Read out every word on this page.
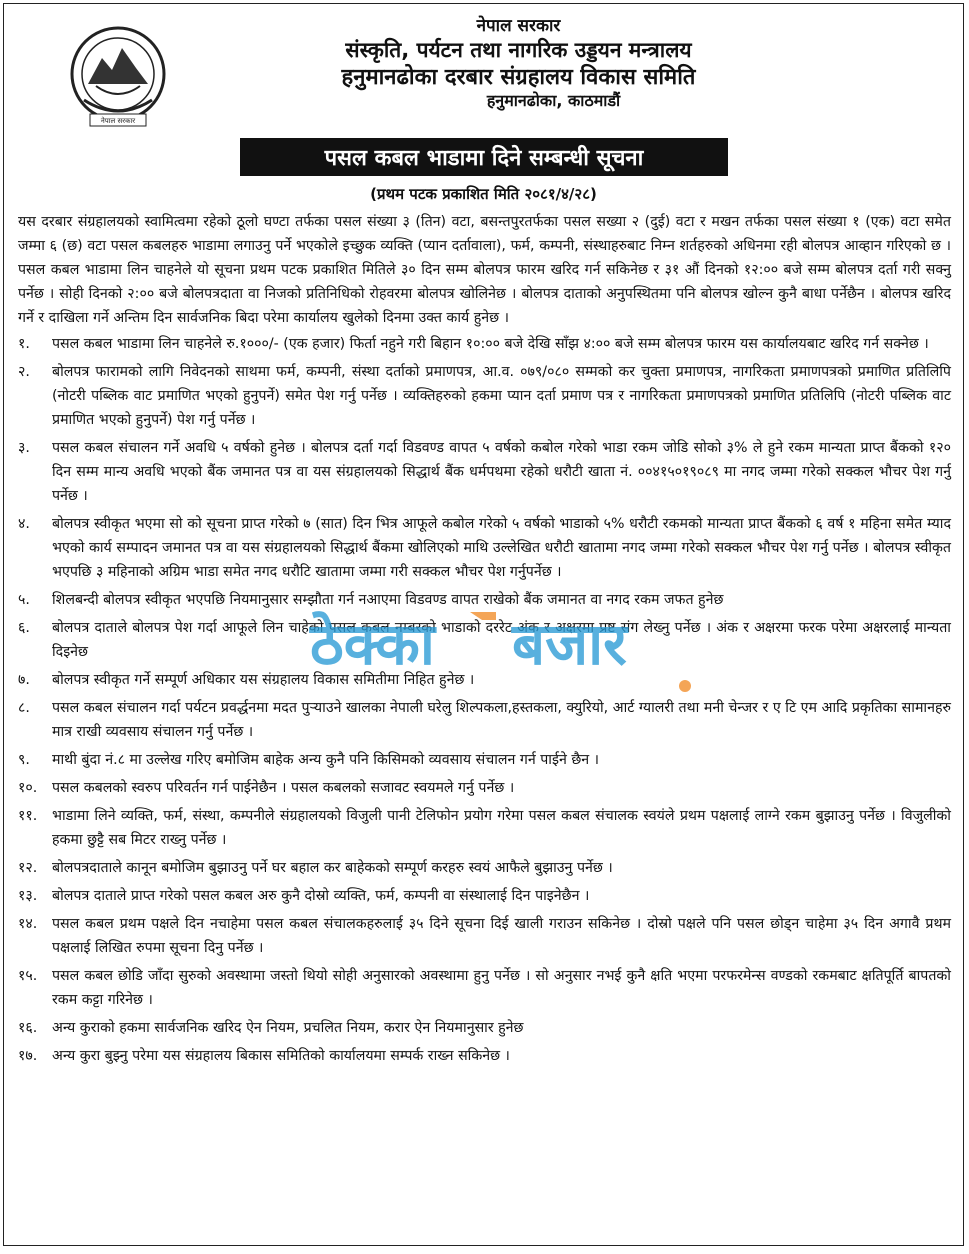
नेपाल सरकार
नेपाल सरकार
संस्कृति, पर्यटन तथा नागरिक उड्डयन मन्त्रालय
हनुमानढोका दरबार संग्रहालय विकास समिति
हनुमानढोका, काठमाडौं
पसल कबल भाडामा दिने सम्बन्धी सूचना
(प्रथम पटक प्रकाशित मिति २०८१/४/२८)

यस दरबार संग्रहालयको स्वामित्वमा रहेको ठूलो घण्टा तर्फका पसल संख्या ३ (तिन) वटा, बसन्तपुरतर्फका पसल सख्या २ (दुई) वटा र मखन तर्फका पसल संख्या १ (एक) वटा समेत जम्मा ६ (छ) वटा पसल कबलहरु भाडामा लगाउनु पर्ने भएकोले इच्छुक व्यक्ति (प्यान दर्तावाला), फर्म, कम्पनी, संस्थाहरुबाट निम्न शर्तहरुको अधिनमा रही बोलपत्र आव्हान गरिएको छ । पसल कबल भाडामा लिन चाहनेले यो सूचना प्रथम पटक प्रकाशित मितिले ३० दिन सम्म बोलपत्र फारम खरिद गर्न सकिनेछ र ३१ औं दिनको १२:०० बजे सम्म बोलपत्र दर्ता गरी सक्नु पर्नेछ । सोही दिनको २:०० बजे बोलपत्रदाता वा निजको प्रतिनिधिको रोहवरमा बोलपत्र खोलिनेछ । बोलपत्र दाताको अनुपस्थितमा पनि बोलपत्र खोल्न कुनै बाधा पर्नेछैन । बोलपत्र खरिद गर्ने र दाखिला गर्ने अन्तिम दिन सार्वजनिक बिदा परेमा कार्यालय खुलेको दिनमा उक्त कार्य हुनेछ ।

१.	पसल कबल भाडामा लिन चाहनेले रु.१०००/- (एक हजार) फिर्ता नहुने गरी बिहान १०:०० बजे देखि साँझ ४:०० बजे सम्म बोलपत्र फारम यस कार्यालयबाट खरिद गर्न सक्नेछ ।
२.	बोलपत्र फारामको लागि निवेदनको साथमा फर्म, कम्पनी, संस्था दर्ताको प्रमाणपत्र, आ.व. ०७९/०८० सम्मको कर चुक्ता प्रमाणपत्र, नागरिकता प्रमाणपत्रको प्रमाणित प्रतिलिपि (नोटरी पब्लिक वाट प्रमाणित भएको हुनुपर्ने) समेत पेश गर्नु पर्नेछ । व्यक्तिहरुको हकमा प्यान दर्ता प्रमाण पत्र र नागरिकता प्रमाणपत्रको प्रमाणित प्रतिलिपि (नोटरी पब्लिक वाट प्रमाणित भएको हुनुपर्ने) पेश गर्नु पर्नेछ ।
३.	पसल कबल संचालन गर्ने अवधि ५ वर्षको हुनेछ । बोलपत्र दर्ता गर्दा विडवण्ड वापत ५ वर्षको कबोल गरेको भाडा रकम जोडि सोको ३% ले हुने रकम मान्यता प्राप्त बैंकको १२० दिन सम्म मान्य अवधि भएको बैंक जमानत पत्र वा यस संग्रहालयको सिद्धार्थ बैंक धर्मपथमा रहेको धरौटी खाता नं. ००४१५०१९०८९ मा नगद जम्मा गरेको सक्कल भौचर पेश गर्नु पर्नेछ ।
४.	बोलपत्र स्वीकृत भएमा सो को सूचना प्राप्त गरेको ७ (सात) दिन भित्र आफूले कबोल गरेको ५ वर्षको भाडाको ५% धरौटी रकमको मान्यता प्राप्त बैंकको ६ वर्ष १ महिना समेत म्याद भएको कार्य सम्पादन जमानत पत्र वा यस संग्रहालयको सिद्धार्थ बैंकमा खोलिएको माथि उल्लेखित धरौटी खातामा नगद जम्मा गरेको सक्कल भौचर पेश गर्नु पर्नेछ । बोलपत्र स्वीकृत भएपछि ३ महिनाको अग्रिम भाडा समेत नगद धरौटि खातामा जम्मा गरी सक्कल भौचर पेश गर्नुपर्नेछ ।
५.	शिलबन्दी बोलपत्र स्वीकृत भएपछि नियमानुसार सम्झौता गर्न नआएमा विडवण्ड वापत राखेको बैंक जमानत वा नगद रकम जफत हुनेछ
६.	बोलपत्र दाताले बोलपत्र पेश गर्दा आफूले लिन चाहेको पसल कबल नम्बरको भाडाको दररेट अंक र अक्षरमा प्रष्ट संग लेख्नु पर्नेछ । अंक र अक्षरमा फरक परेमा अक्षरलाई मान्यता दिइनेछ
७.	बोलपत्र स्वीकृत गर्ने सम्पूर्ण अधिकार यस संग्रहालय विकास समितीमा निहित हुनेछ ।
८.	पसल कबल संचालन गर्दा पर्यटन प्रवर्द्धनमा मदत पुऱ्याउने खालका नेपाली घरेलु शिल्पकला,हस्तकला, क्युरियो, आर्ट ग्यालरी तथा मनी चेन्जर र ए टि एम आदि प्रकृतिका सामानहरु मात्र राखी व्यवसाय संचालन गर्नु पर्नेछ ।
९.	माथी बुंदा नं.८ मा उल्लेख गरिए बमोजिम बाहेक अन्य कुनै पनि किसिमको व्यवसाय संचालन गर्न पाईने छैन ।
१०.	पसल कबलको स्वरुप परिवर्तन गर्न पाईनेछैन । पसल कबलको सजावट स्वयमले गर्नु पर्नेछ ।
११.	भाडामा लिने व्यक्ति, फर्म, संस्था, कम्पनीले संग्रहालयको विजुली पानी टेलिफोन प्रयोग गरेमा पसल कबल संचालक स्वयंले प्रथम पक्षलाई लाग्ने रकम बुझाउनु पर्नेछ । विजुलीको हकमा छुट्टै सब मिटर राख्नु पर्नेछ ।
१२.	बोलपत्रदाताले कानून बमोजिम बुझाउनु पर्ने घर बहाल कर बाहेकको सम्पूर्ण करहरु स्वयं आफैले बुझाउनु पर्नेछ ।
१३.	बोलपत्र दाताले प्राप्त गरेको पसल कबल अरु कुनै दोस्रो व्यक्ति, फर्म, कम्पनी वा संस्थालाई दिन पाइनेछैन ।
१४.	पसल कबल प्रथम पक्षले दिन नचाहेमा पसल कबल संचालकहरुलाई ३५ दिने सूचना दिई खाली गराउन सकिनेछ । दोस्रो पक्षले पनि पसल छोड्न चाहेमा ३५ दिन अगावै प्रथम पक्षलाई लिखित रुपमा सूचना दिनु पर्नेछ ।
१५.	पसल कबल छोडि जाँदा सुरुको अवस्थामा जस्तो थियो सोही अनुसारको अवस्थामा हुनु पर्नेछ । सो अनुसार नभई कुनै क्षति भएमा परफरमेन्स वण्डको रकमबाट क्षतिपूर्ति बापतको रकम कट्टा गरिनेछ ।
१६.	अन्य कुराको हकमा सार्वजनिक खरिद ऐन नियम, प्रचलित नियम, करार ऐन नियमानुसार हुनेछ
१७.	अन्य कुरा बुझ्नु परेमा यस संग्रहालय बिकास समितिको कार्यालयमा सम्पर्क राख्न सकिनेछ ।
ठेक्का बजार
